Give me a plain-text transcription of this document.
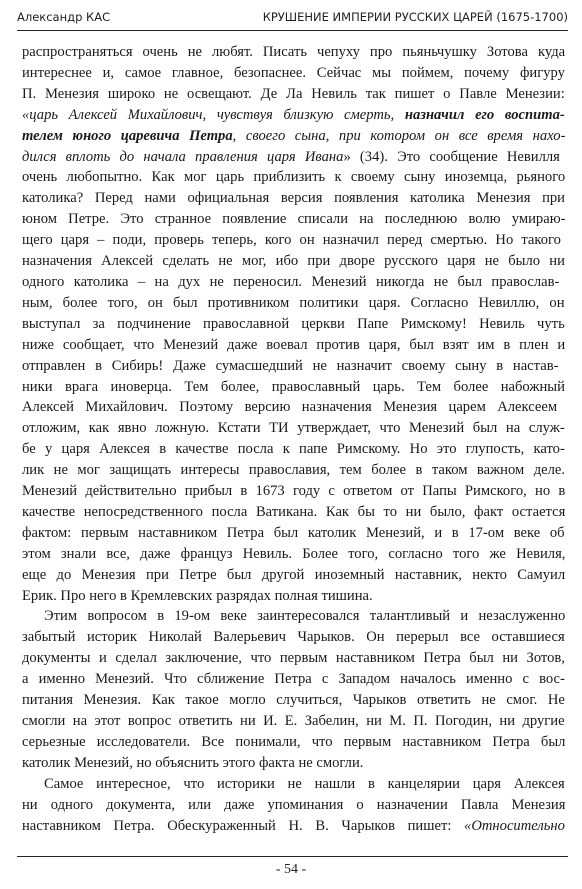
Александр КАС	КРУШЕНИЕ ИМПЕРИИ РУССКИХ ЦАРЕЙ (1675-1700)
распространяться очень не любят. Писать чепуху про пьяньчушку Зотова куда
интереснее и, самое главное, безопаснее. Сейчас мы поймем, почему фигуру
П. Менезия широко не освещают. Де Ла Невиль так пишет о Павле Менезии:
«царь Алексей Михайлович, чувствуя близкую смерть, назначил его воспита-
телем юного царевича Петра, своего сына, при котором он все время нахо-
дился вплоть до начала правления царя Ивана» (34). Это сообщение Невилля
очень любопытно. Как мог царь приблизить к своему сыну иноземца, рьяного
католика? Перед нами официальная версия появления католика Менезия при
юном Петре. Это странное появление списали на последнюю волю умираю-
щего царя – поди, проверь теперь, кого он назначил перед смертью. Но такого
назначения Алексей сделать не мог, ибо при дворе русского царя не было ни
одного католика – на дух не переносил. Менезий никогда не был православ-
ным, более того, он был противником политики царя. Согласно Невиллю, он
выступал за подчинение православной церкви Папе Римскому! Невиль чуть
ниже сообщает, что Менезий даже воевал против царя, был взят им в плен и
отправлен в Сибирь! Даже сумасшедший не назначит своему сыну в настав-
ники врага иноверца. Тем более, православный царь. Тем более набожный
Алексей Михайлович. Поэтому версию назначения Менезия царем Алексеем
отложим, как явно ложную. Кстати ТИ утверждает, что Менезий был на служ-
бе у царя Алексея в качестве посла к папе Римскому. Но это глупость, като-
лик не мог защищать интересы православия, тем более в таком важном деле.
Менезий действительно прибыл в 1673 году с ответом от Папы Римского, но в
качестве непосредственного посла Ватикана. Как бы то ни было, факт остается
фактом: первым наставником Петра был католик Менезий, и в 17-ом веке об
этом знали все, даже француз Невиль. Более того, согласно того же Невиля,
еще до Менезия при Петре был другой иноземный наставник, некто Самуил
Ерик. Про него в Кремлевских разрядах полная тишина.
Этим вопросом в 19-ом веке заинтересовался талантливый и незаслуженно
забытый историк Николай Валерьевич Чарыков. Он перерыл все оставшиеся
документы и сделал заключение, что первым наставником Петра был ни Зотов,
а именно Менезий. Что сближение Петра с Западом началось именно с вос-
питания Менезия. Как такое могло случиться, Чарыков ответить не смог. Не
смогли на этот вопрос ответить ни И. Е. Забелин, ни М. П. Погодин, ни другие
серьезные исследователи. Все понимали, что первым наставником Петра был
католик Менезий, но объяснить этого факта не смогли.
Самое интересное, что историки не нашли в канцелярии царя Алексея
ни одного документа, или даже упоминания о назначении Павла Менезия
наставником Петра. Обескураженный Н. В. Чарыков пишет: «Относительно
- 54 -
